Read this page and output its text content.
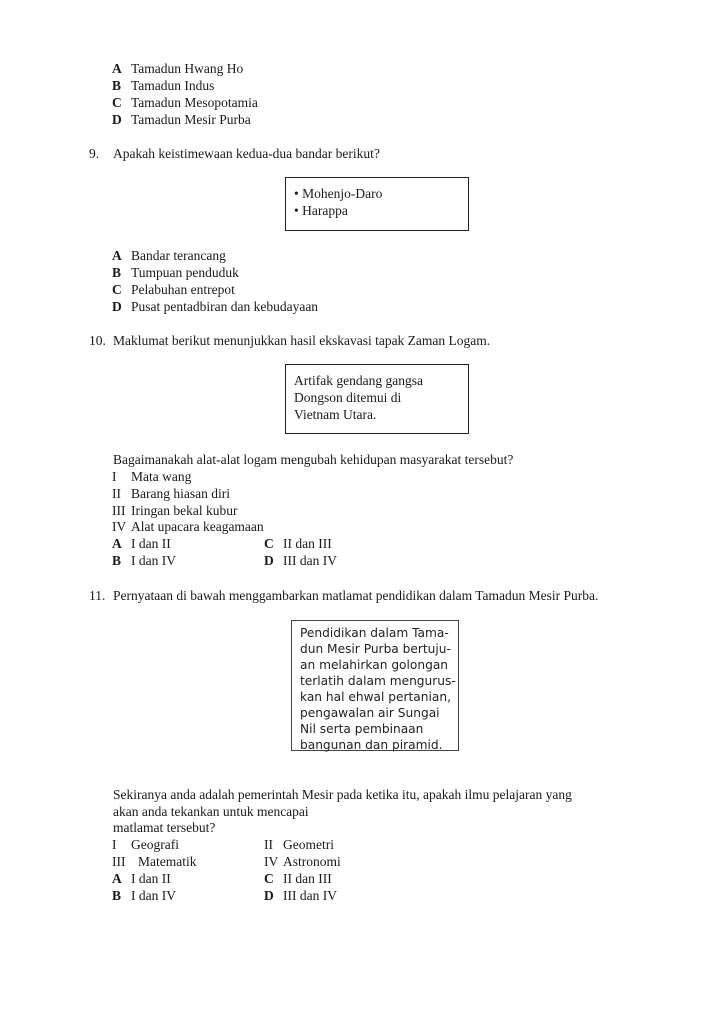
A Tamadun Hwang Ho
B Tamadun Indus
C Tamadun Mesopotamia
D Tamadun Mesir Purba
9. Apakah keistimewaan kedua-dua bandar berikut?
• Mohenjo-Daro
• Harappa
A Bandar terancang
B Tumpuan penduduk
C Pelabuhan entrepot
D Pusat pentadbiran dan kebudayaan
10. Maklumat berikut menunjukkan hasil ekskavasi tapak Zaman Logam.
Artifak gendang gangsa
Dongson ditemui di
Vietnam Utara.
Bagaimanakah alat-alat logam mengubah kehidupan masyarakat tersebut?
I Mata wang
II Barang hiasan diri
III Iringan bekal kubur
IV Alat upacara keagamaan
A I dan II	C II dan III
B I dan IV	D III dan IV
11. Pernyataan di bawah menggambarkan matlamat pendidikan dalam Tamadun Mesir Purba.
Pendidikan dalam Tama-
dun Mesir Purba bertuju-
an melahirkan golongan
terlatih dalam mengurus-
kan hal ehwal pertanian,
pengawalan air Sungai
Nil serta pembinaan
bangunan dan piramid.
Sekiranya anda adalah pemerintah Mesir pada ketika itu, apakah ilmu pelajaran yang
akan anda tekankan untuk mencapai
matlamat tersebut?
I Geografi	II Geometri
III Matematik	IV Astronomi
A I dan II	C II dan III
B I dan IV	D III dan IV
